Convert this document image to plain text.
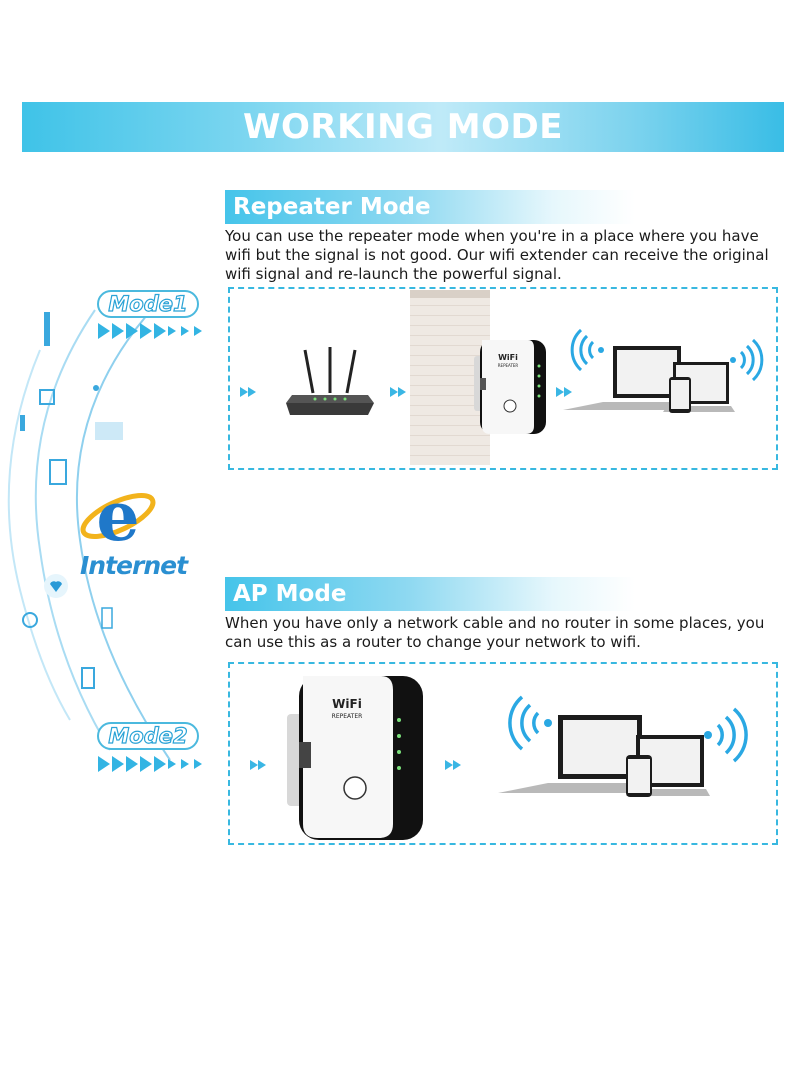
WORKING MODE
Repeater Mode
You can use the repeater mode when you're in a place where you have
wifi but the signal is not good. Our wifi extender can receive the original
wifi signal and re-launch the powerful signal.
WiFi
REPEATER
AP Mode
When you have only a network cable and no router in some places, you
can use this as a router to change your network to wifi.
WiFi
REPEATER
Mode1
e
Internet
Mode2
